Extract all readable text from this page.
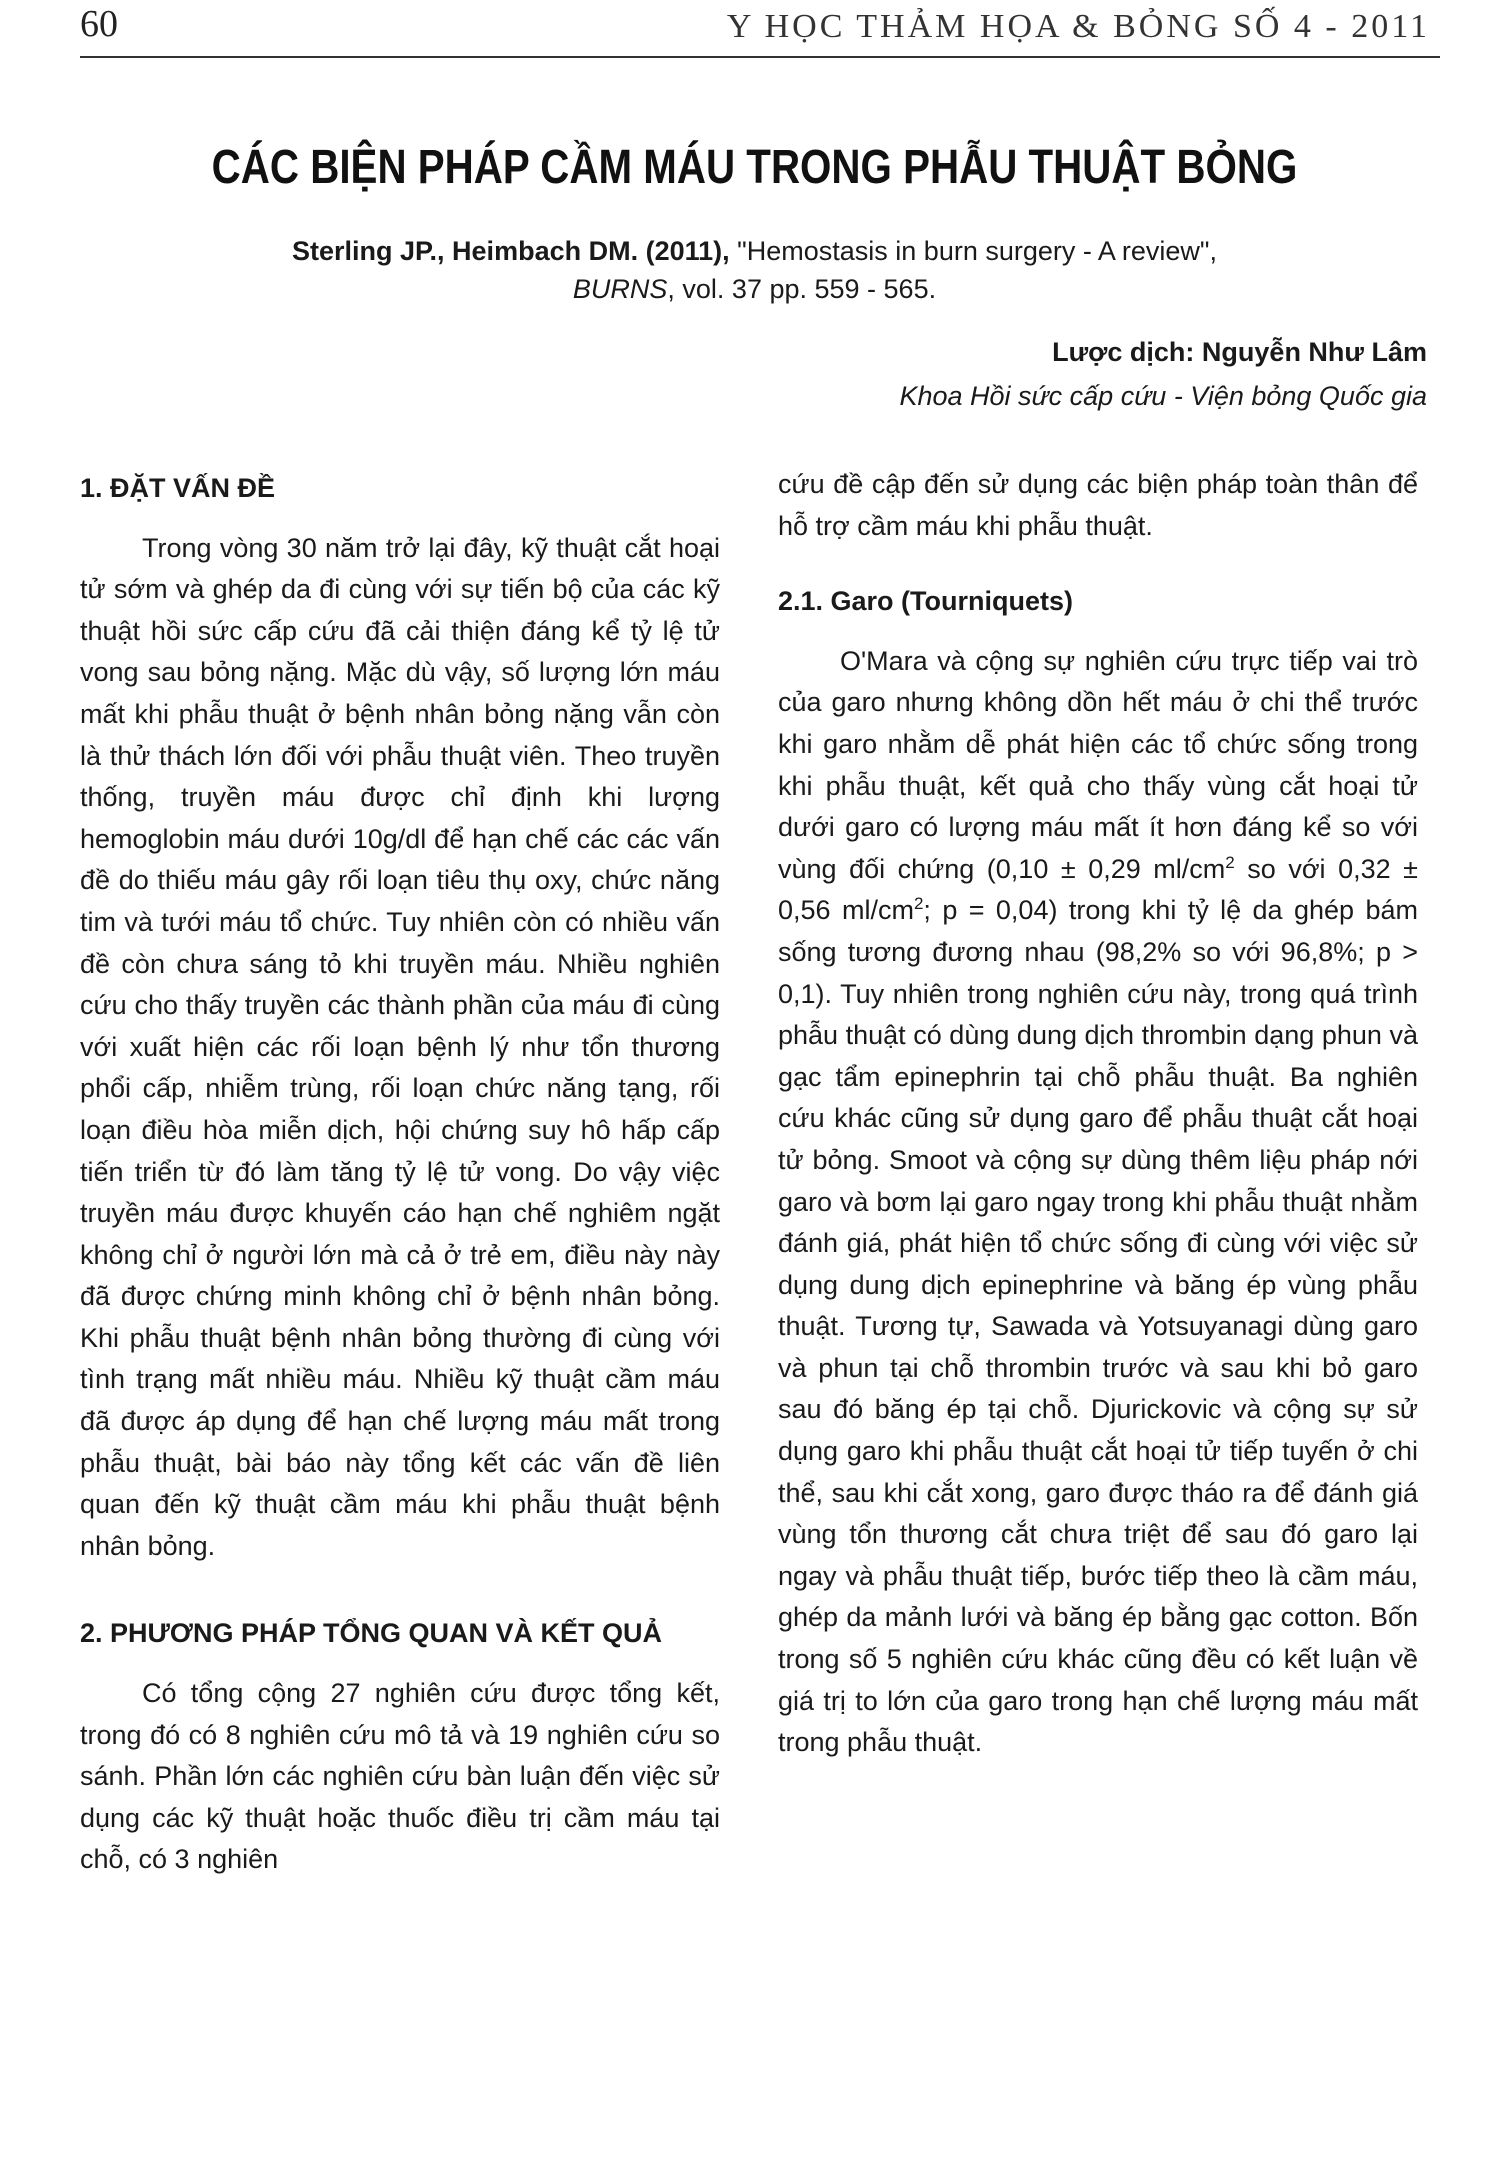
60	Y HỌC THẢM HỌA & BỎNG SỐ 4 - 2011
CÁC BIỆN PHÁP CẦM MÁU TRONG PHẪU THUẬT BỎNG
Sterling JP., Heimbach DM. (2011), "Hemostasis in burn surgery - A review",
BURNS, vol. 37 pp. 559 - 565.
Lược dịch: Nguyễn Như Lâm
Khoa Hồi sức cấp cứu - Viện bỏng Quốc gia
1. ĐẶT VẤN ĐỀ

Trong vòng 30 năm trở lại đây, kỹ thuật cắt hoại tử sớm và ghép da đi cùng với sự tiến bộ của các kỹ thuật hồi sức cấp cứu đã cải thiện đáng kể tỷ lệ tử vong sau bỏng nặng. Mặc dù vậy, số lượng lớn máu mất khi phẫu thuật ở bệnh nhân bỏng nặng vẫn còn là thử thách lớn đối với phẫu thuật viên. Theo truyền thống, truyền máu được chỉ định khi lượng hemoglobin máu dưới 10g/dl để hạn chế các các vấn đề do thiếu máu gây rối loạn tiêu thụ oxy, chức năng tim và tưới máu tổ chức. Tuy nhiên còn có nhiều vấn đề còn chưa sáng tỏ khi truyền máu. Nhiều nghiên cứu cho thấy truyền các thành phần của máu đi cùng với xuất hiện các rối loạn bệnh lý như tổn thương phổi cấp, nhiễm trùng, rối loạn chức năng tạng, rối loạn điều hòa miễn dịch, hội chứng suy hô hấp cấp tiến triển từ đó làm tăng tỷ lệ tử vong. Do vậy việc truyền máu được khuyến cáo hạn chế nghiêm ngặt không chỉ ở người lớn mà cả ở trẻ em, điều này này đã được chứng minh không chỉ ở bệnh nhân bỏng. Khi phẫu thuật bệnh nhân bỏng thường đi cùng với tình trạng mất nhiều máu. Nhiều kỹ thuật cầm máu đã được áp dụng để hạn chế lượng máu mất trong phẫu thuật, bài báo này tổng kết các vấn đề liên quan đến kỹ thuật cầm máu khi phẫu thuật bệnh nhân bỏng.

2. PHƯƠNG PHÁP TỔNG QUAN VÀ KẾT QUẢ

Có tổng cộng 27 nghiên cứu được tổng kết, trong đó có 8 nghiên cứu mô tả và 19 nghiên cứu so sánh. Phần lớn các nghiên cứu bàn luận đến việc sử dụng các kỹ thuật hoặc thuốc điều trị cầm máu tại chỗ, có 3 nghiên

cứu đề cập đến sử dụng các biện pháp toàn thân để hỗ trợ cầm máu khi phẫu thuật.

2.1. Garo (Tourniquets)

O'Mara và cộng sự nghiên cứu trực tiếp vai trò của garo nhưng không dồn hết máu ở chi thể trước khi garo nhằm dễ phát hiện các tổ chức sống trong khi phẫu thuật, kết quả cho thấy vùng cắt hoại tử dưới garo có lượng máu mất ít hơn đáng kể so với vùng đối chứng (0,10 ± 0,29 $ml/cm^2$ so với 0,32 ± 0,56 $ml/cm^2$; p = 0,04) trong khi tỷ lệ da ghép bám sống tương đương nhau (98,2% so với 96,8%; p > 0,1). Tuy nhiên trong nghiên cứu này, trong quá trình phẫu thuật có dùng dung dịch thrombin dạng phun và gạc tẩm epinephrin tại chỗ phẫu thuật. Ba nghiên cứu khác cũng sử dụng garo để phẫu thuật cắt hoại tử bỏng. Smoot và cộng sự dùng thêm liệu pháp nới garo và bơm lại garo ngay trong khi phẫu thuật nhằm đánh giá, phát hiện tổ chức sống đi cùng với việc sử dụng dung dịch epinephrine và băng ép vùng phẫu thuật. Tương tự, Sawada và Yotsuyanagi dùng garo và phun tại chỗ thrombin trước và sau khi bỏ garo sau đó băng ép tại chỗ. Djurickovic và cộng sự sử dụng garo khi phẫu thuật cắt hoại tử tiếp tuyến ở chi thể, sau khi cắt xong, garo được tháo ra để đánh giá vùng tổn thương cắt chưa triệt để sau đó garo lại ngay và phẫu thuật tiếp, bước tiếp theo là cầm máu, ghép da mảnh lưới và băng ép bằng gạc cotton. Bốn trong số 5 nghiên cứu khác cũng đều có kết luận về giá trị to lớn của garo trong hạn chế lượng máu mất trong phẫu thuật.
